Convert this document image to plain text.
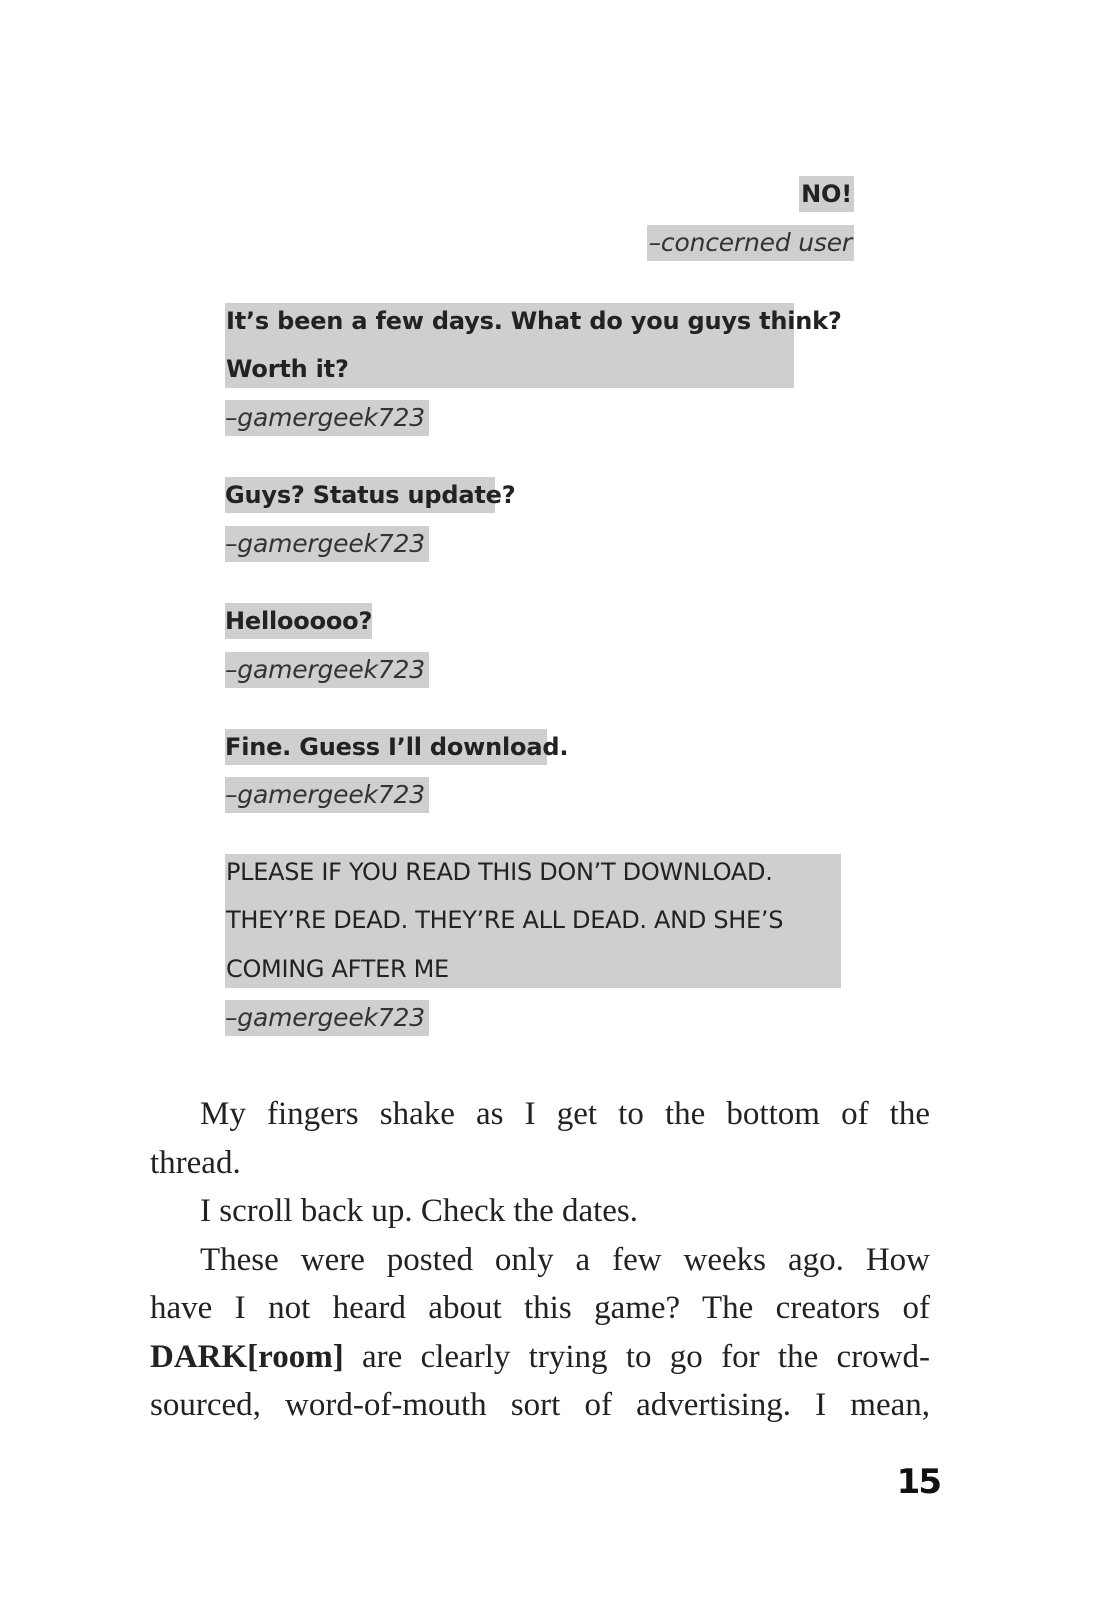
NO!
–concerned user
It’s been a few days. What do you guys think?
Worth it?
–gamergeek723
Guys? Status update?
–gamergeek723
Hellooooo?
–gamergeek723
Fine. Guess I’ll download.
–gamergeek723
PLEASE IF YOU READ THIS DON’T DOWNLOAD.
THEY’RE DEAD. THEY’RE ALL DEAD. AND SHE’S
COMING AFTER ME
–gamergeek723
My fingers shake as I get to the bottom of the
thread.
I scroll back up. Check the dates.
These were posted only a few weeks ago. How
have I not heard about this game? The creators of
DARK[room] are clearly trying to go for the crowd-
sourced, word-of-mouth sort of advertising. I mean,
15
